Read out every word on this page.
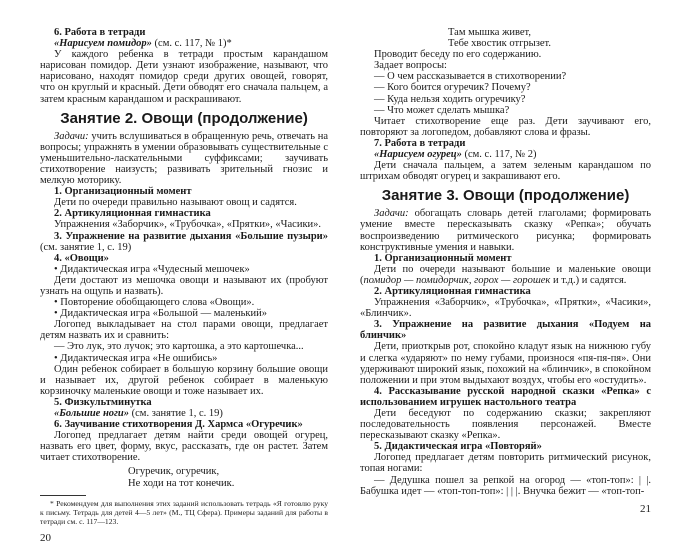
6. Работа в тетради

«Нарисуем помидор» (см. с. 117, № 1)*

У каждого ребенка в тетради простым карандашом нарисован помидор. Дети узнают изображение, называют, что нарисовано, находят помидор среди других овощей, говорят, что он круглый и красный. Дети обводят его сначала пальцем, а затем красным карандашом и раскрашивают.

Занятие 2. Овощи (продолжение)

Задачи: учить вслушиваться в обращенную речь, отвечать на вопросы; упражнять в умении образовывать существительные с уменьшительно-ласкательными суффиксами; заучивать стихотворение наизусть; развивать зрительный гнозис и мелкую моторику.

1. Организационный момент

Дети по очереди правильно называют овощ и садятся.

2. Артикуляционная гимнастика

Упражнения «Заборчик», «Трубочка», «Прятки», «Часики».

3. Упражнение на развитие дыхания «Большие пузыри» (см. занятие 1, с. 19)

4. «Овощи»

• Дидактическая игра «Чудесный мешочек»

Дети достают из мешочка овощи и называют их (пробуют узнать на ощупь и назвать).

• Повторение обобщающего слова «Овощи».

• Дидактическая игра «Большой — маленький»

Логопед выкладывает на стол парами овощи, предлагает детям назвать их и сравнить:

— Это лук, это лучок; это картошка, а это картошечка...

• Дидактическая игра «Не ошибись»

Один ребенок собирает в большую корзину большие овощи и называет их, другой ребенок собирает в маленькую корзиночку маленькие овощи и тоже называет их.

5. Физкультминутка

«Большие ноги» (см. занятие 1, с. 19)

6. Заучивание стихотворения Д. Хармса «Огуречик»

Логопед предлагает детям найти среди овощей огурец, назвать его цвет, форму, вкус, рассказать, где он растет. Затем читает стихотворение.

Огуречик, огуречик,

Не ходи на тот конечик.

* Рекомендуем для выполнения этих заданий использовать тетрадь «Я готовлю руку к письму. Тетрадь для детей 4—5 лет» (М., ТЦ Сфера). Примеры заданий для работы в тетради см. с. 117—123.
20

Там мышка живет,

Тебе хвостик отгрызет.

Проводит беседу по его содержанию.

Задает вопросы:

— О чем рассказывается в стихотворении?

— Кого боится огуречик? Почему?

— Куда нельзя ходить огуречику?

— Что может сделать мышка?

Читает стихотворение еще раз. Дети заучивают его, повторяют за логопедом, добавляют слова и фразы.

7. Работа в тетради

«Нарисуем огурец» (см. с. 117, № 2)

Дети сначала пальцем, а затем зеленым карандашом по штрихам обводят огурец и закрашивают его.

Занятие 3. Овощи (продолжение)

Задачи: обогащать словарь детей глаголами; формировать умение вместе пересказывать сказку «Репка»; обучать воспроизведению ритмического рисунка; формировать конструктивные умения и навыки.

1. Организационный момент

Дети по очереди называют большие и маленькие овощи (помидор — помидорчик, горох — горошек и т.д.) и садятся.

2. Артикуляционная гимнастика

Упражнения «Заборчик», «Трубочка», «Прятки», «Часики», «Блинчик».

3. Упражнение на развитие дыхания «Подуем на блинчик»

Дети, приоткрыв рот, спокойно кладут язык на нижнюю губу и слегка «ударяют» по нему губами, произнося «пя-пя-пя». Они удерживают широкий язык, похожий на «блинчик», в спокойном положении и при этом выдыхают воздух, чтобы его «остудить».

4. Рассказывание русской народной сказки «Репка» с использованием игрушек настольного театра

Дети беседуют по содержанию сказки; закрепляют последовательность появления персонажей. Вместе пересказывают сказку «Репка».

5. Дидактическая игра «Повторяй»

Логопед предлагает детям повторить ритмический рисунок, топая ногами:

— Дедушка пошел за репкой на огород — «топ-топ»: | |. Бабушка идет — «топ-топ-топ»: | | |. Внучка бежит — «топ-топ-

21
